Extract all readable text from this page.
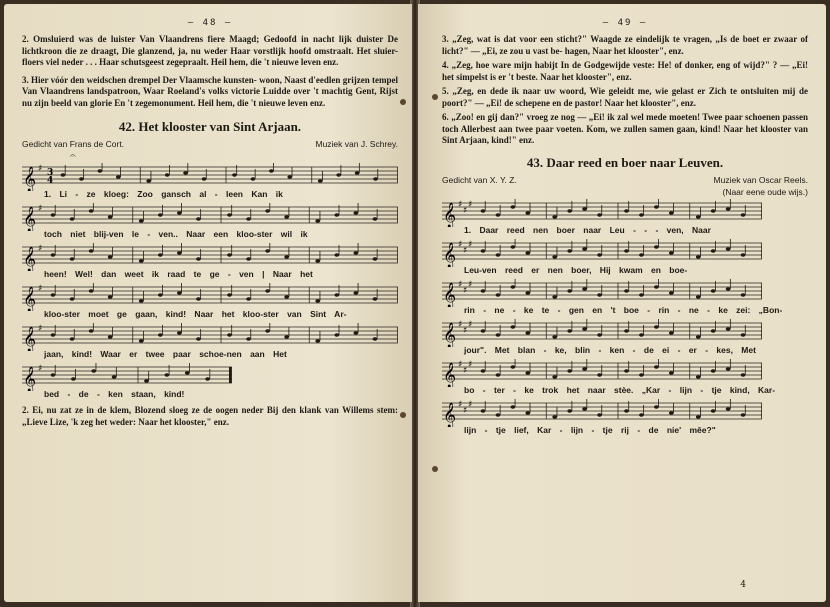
— 48 —

2. Omsluierd was de luister Van Vlaandrens fiere Maagd; Gedoofd in nacht lijk duister De lichtkroon die ze draagt, Die glanzend, ja, nu weder Haar vorstlijk hoofd omstraalt. Het sluier- floers viel neder . . . Haar schutsgeest zegepraalt. Heil hem, die 't nieuwe leven enz.

3. Hier vóór den weidschen drempel Der Vlaamsche kunsten- woon, Naast d'eedlen grijzen tempel Van Vlaandrens landspatroon, Waar Roeland's volks victorie Luidde over 't machtig Gent, Rijst nu zijn beeld van glorie En 't zegemonument. Heil hem, die 't nieuwe leven enz.

42. Het klooster van Sint Arjaan.
Gedicht van Frans de Cort.	Muziek van J. Schrey.
𝄐
𝄞 ♯ 3
4
1. Li - ze kloeg: Zoo gansch al - leen Kan ik
𝄞 ♯
toch niet blij-ven le - ven.. Naar een kloo-ster wil ik
𝄞 ♯
heen! Wel! dan weet ik raad te ge - ven | Naar het
𝄞 ♯
kloo-ster moet ge gaan, kind! Naar het kloo-ster van Sint Ar-
𝄞 ♯
jaan, kind! Waar er twee paar schoe-nen aan Het
𝄞 ♯
bed - de - ken staan, kind!

2. Ei, nu zat ze in de klem, Blozend sloeg ze de oogen neder Bij den klank van Willems stem: „Lieve Lize, 'k zeg het weder: Naar het klooster," enz.

— 49 —

3. „Zeg, wat is dat voor een sticht?" Waagde ze eindelijk te vragen, „Is de boet er zwaar of licht?" — „Ei, ze zou u vast be- hagen, Naar het klooster", enz.

4. „Zeg, hoe ware mijn habijt In de Godgewijde veste: He! of donker, eng of wijd?" ? — „Ei! het simpelst is er 't beste. Naar het klooster", enz.

5. „Zeg, en dede ik naar uw woord, Wie geleidt me, wie gelast er Zich te ontsluiten mij de poort?" — „Ei! de schepene en de pastor! Naar het klooster", enz.

6. „Zoo! en gij dan?" vroeg ze nog — „Ei! ik zal wel mede moeten! Twee paar schoenen passen toch Allerbest aan twee paar voeten. Kom, we zullen samen gaan, kind! Naar het klooster van Sint Arjaan, kind!" enz.

43. Daar reed en boer naar Leuven.
Gedicht van X. Y. Z.	Muziek van Oscar Reels.
(Naar eene oude wijs.)
𝄞 ♯
♯
♯
1. Daar reed nen boer naar Leu - - - ven, Naar
𝄞 ♯
♯
♯
Leu-ven reed er nen boer, Hij kwam en boe-
𝄞 ♯
♯
♯
rin - ne - ke te - gen en 't boe - rin - ne - ke zei: „Bon-
𝄞 ♯
♯
♯
jour". Met blan - ke, blin - ken - de ei - er - kes, Met
𝄞 ♯
♯
♯
bo - ter - ke trok het naar stèe. „Kar - lijn - tje kind, Kar-
𝄞 ♯
♯
♯
lijn - tje lief, Kar - lijn - tje rij - de nie' mêe?"
4
